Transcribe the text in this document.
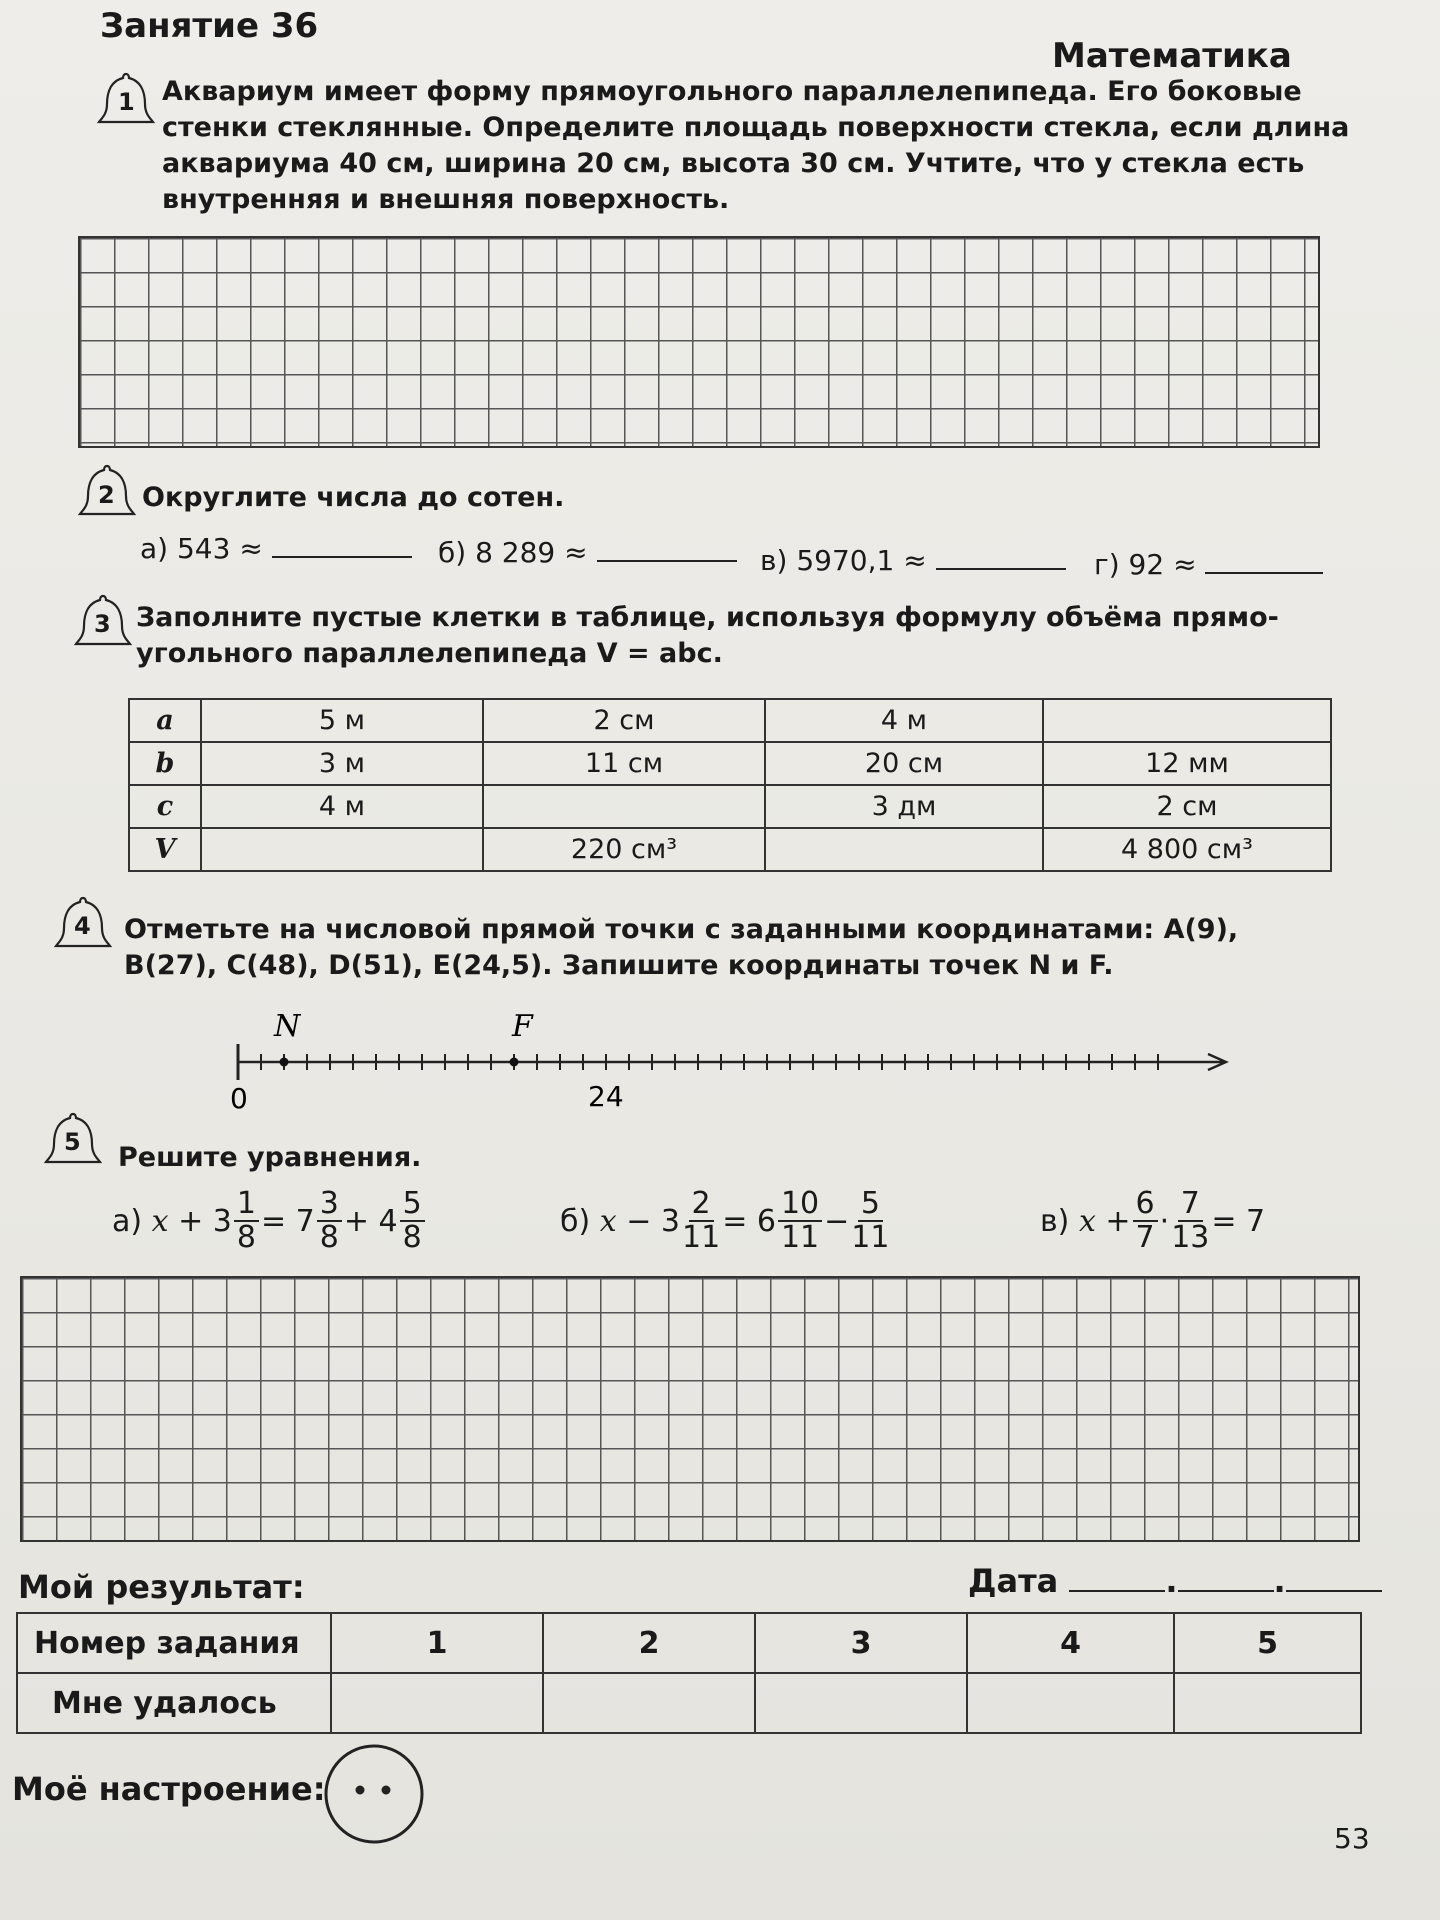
Занятие 36
Математика
1 Аквариум имеет форму прямоугольного параллелепипеда. Его боковые
стенки стеклянные. Определите площадь поверхности стекла, если длина
аквариума 40 см, ширина 20 см, высота 30 см. Учтите, что у стекла есть
внутренняя и внешняя поверхность.
2 Округлите числа до сотен.
а) 543 ≈	б) 8 289 ≈	в) 5970,1 ≈	г) 92 ≈
3 Заполните пустые клетки в таблице, используя формулу объёма прямо-
угольного параллелепипеда V = abc.
a	5 м	2 см	4 м	
b	3 м	11 см	20 см	12 мм
c	4 м		3 дм	2 см
V		220 см³		4 800 см³
4 Отметьте на числовой прямой точки с заданными координатами: A(9),
B(27), C(48), D(51), E(24,5). Запишите координаты точек N и F.
N	F
0	24
5 Решите уравнения.
а)
x
+ $3 \frac{1}{8} = 7 \frac{3}{8} + 4 \frac{5}{8}$	б)
x
− $3 \frac{2}{11} = 6 \frac{10}{11} - \frac{5}{11}$	в)
x
+ $\frac{6}{7} \cdot \frac{7}{13} = 7$
Мой результат:	Дата	.	.
Номер задания	1	2	3	4	5
Мне удалось					
Моё настроение:
53
